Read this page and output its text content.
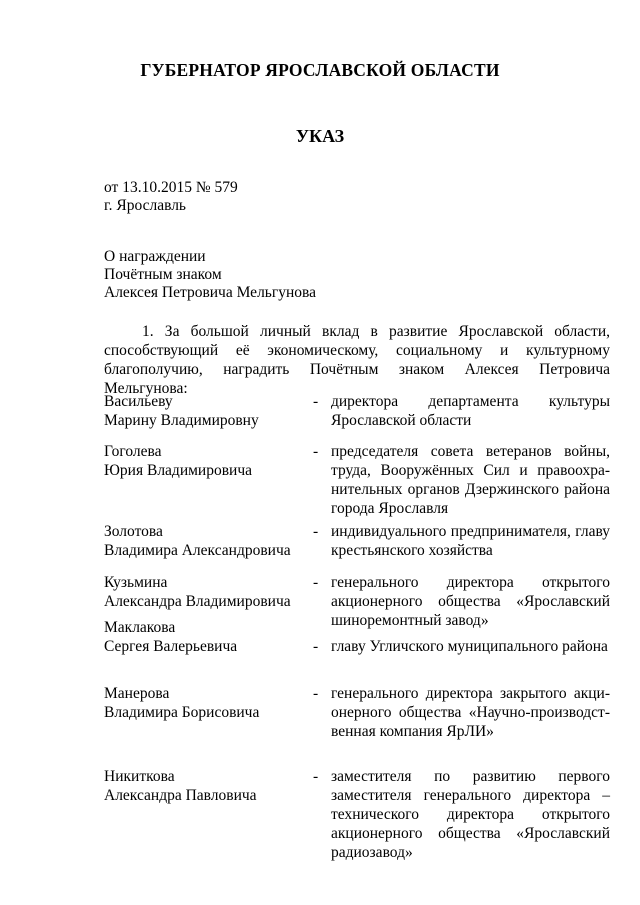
ГУБЕРНАТОР ЯРОСЛАВСКОЙ ОБЛАСТИ
УКАЗ
от 13.10.2015 № 579
г. Ярославль
О награждении
Почётным знаком
Алексея Петровича Мельгунова
1. За большой личный вклад в развитие Ярославской области, способствующий её экономическому, социальному и культурному благополучию, наградить Почётным знаком Алексея Петровича Мельгунова:
Васильеву
Марину Владимировну
- директора департамента культуры
Ярославской области
Гоголева
Юрия Владимировича
- председателя совета ветеранов войны,
труда, Вооружённых Сил и правоохра-
нительных органов Дзержинского района
города Ярославля
Золотова
Владимира Александровича
- индивидуального предпринимателя, главу
крестьянского хозяйства
Кузьмина
Александра Владимировича
- генерального директора открытого
акционерного общества «Ярославский
шиноремонтный завод»
Маклакова
Сергея Валерьевича	- главу Угличского муниципального района
Манерова
Владимира Борисовича
- генерального директора закрытого акци-
онерного общества «Научно-производст-
венная компания ЯрЛИ»
Никиткова
Александра Павловича
- заместителя по развитию первого
заместителя генерального директора –
технического директора открытого
акционерного общества «Ярославский
радиозавод»
